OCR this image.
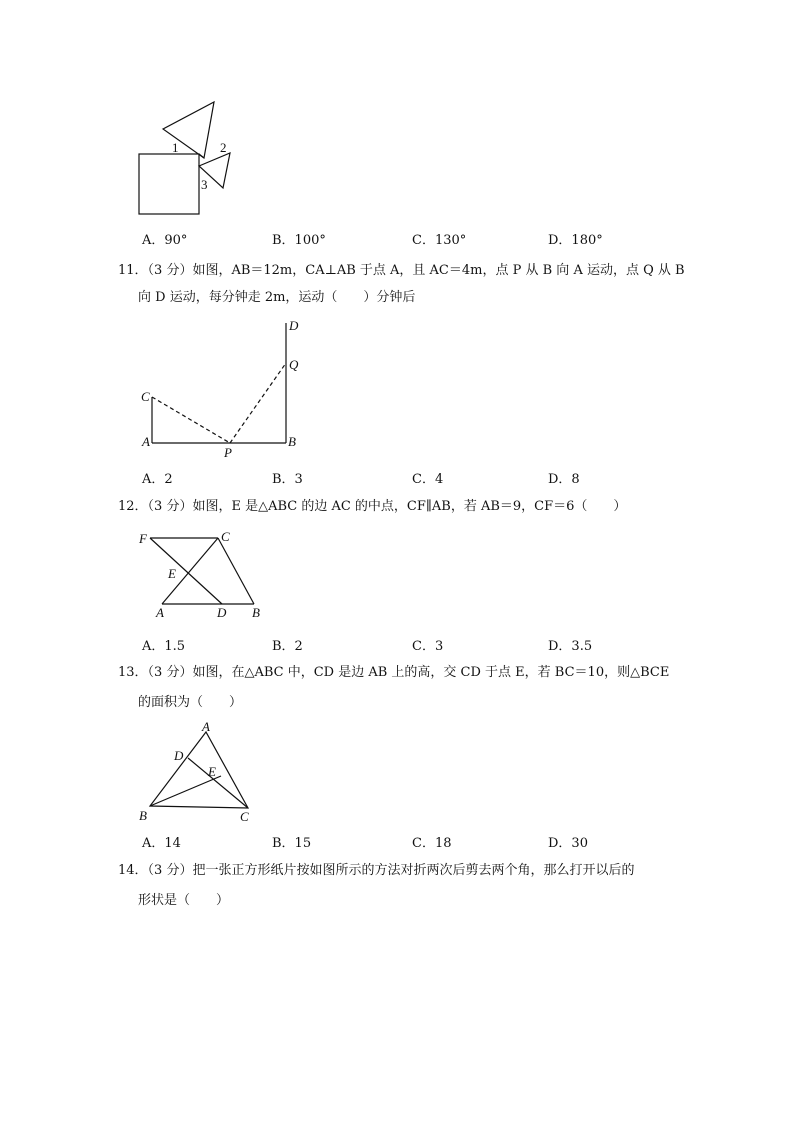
1	2
3
A．90°	B．100°	C．130°	D．180°
11．（3 分）如图，AB＝12m，CA⊥AB 于点 A，且 AC＝4m，点 P 从 B 向 A 运动，点 Q 从 B
向 D 运动，每分钟走 2m，运动（　　）分钟后
C
A
P
B
Q
D
A．2	B．3	C．4	D．8
12．（3 分）如图，E 是△ABC 的边 AC 的中点，CF∥AB，若 AB＝9，CF＝6（　　）
F	C
E
A	D B
A．1.5	B．2	C．3	D．3.5
13．（3 分）如图，在△ABC 中，CD 是边 AB 上的高，交 CD 于点 E，若 BC＝10，则△BCE
的面积为（　　）
A
D
E
B	C
A．14	B．15	C．18	D．30
14．（3 分）把一张正方形纸片按如图所示的方法对折两次后剪去两个角，那么打开以后的
形状是（　　）
